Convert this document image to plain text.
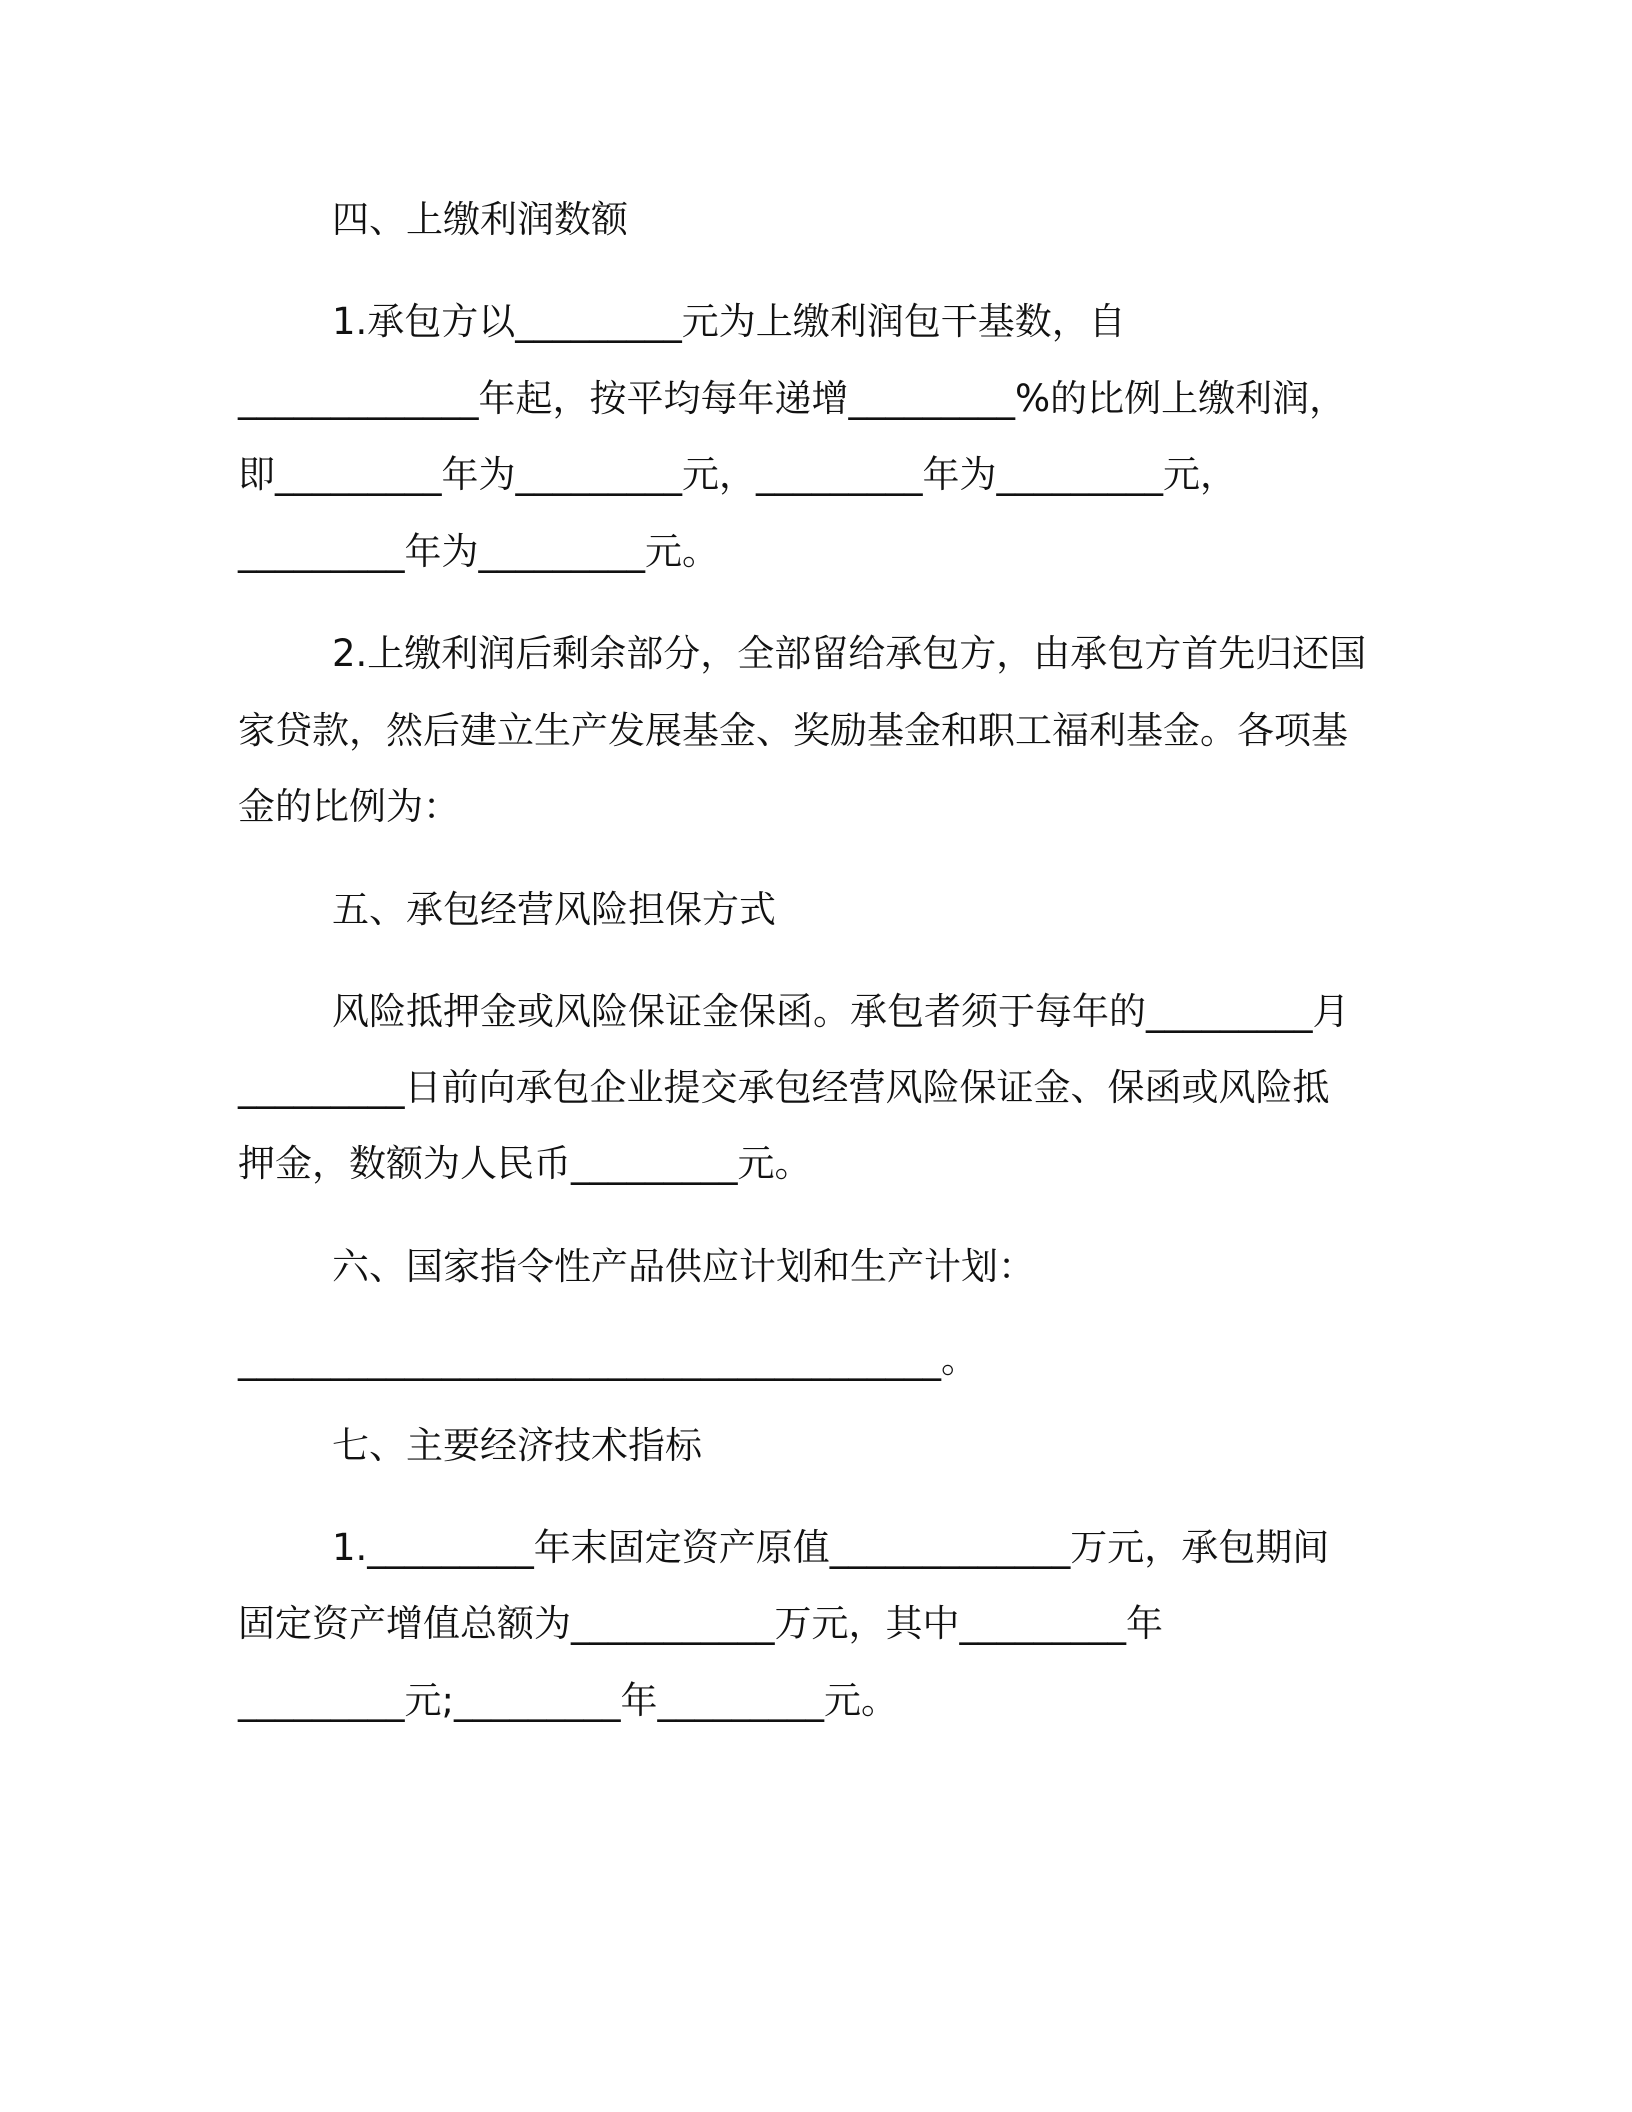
四、上缴利润数额
1.承包方以_________元为上缴利润包干基数，自
_____________年起，按平均每年递增_________%的比例上缴利润，
即_________年为_________元，_________年为_________元，
_________年为_________元。
2.上缴利润后剩余部分，全部留给承包方，由承包方首先归还国
家贷款，然后建立生产发展基金、奖励基金和职工福利基金。各项基
金的比例为：
五、承包经营风险担保方式
风险抵押金或风险保证金保函。承包者须于每年的_________月
_________日前向承包企业提交承包经营风险保证金、保函或风险抵
押金，数额为人民币_________元。
六、国家指令性产品供应计划和生产计划：
______________________________________。
七、主要经济技术指标
1._________年末固定资产原值_____________万元，承包期间
固定资产增值总额为___________万元，其中_________年
_________元;_________年_________元。
